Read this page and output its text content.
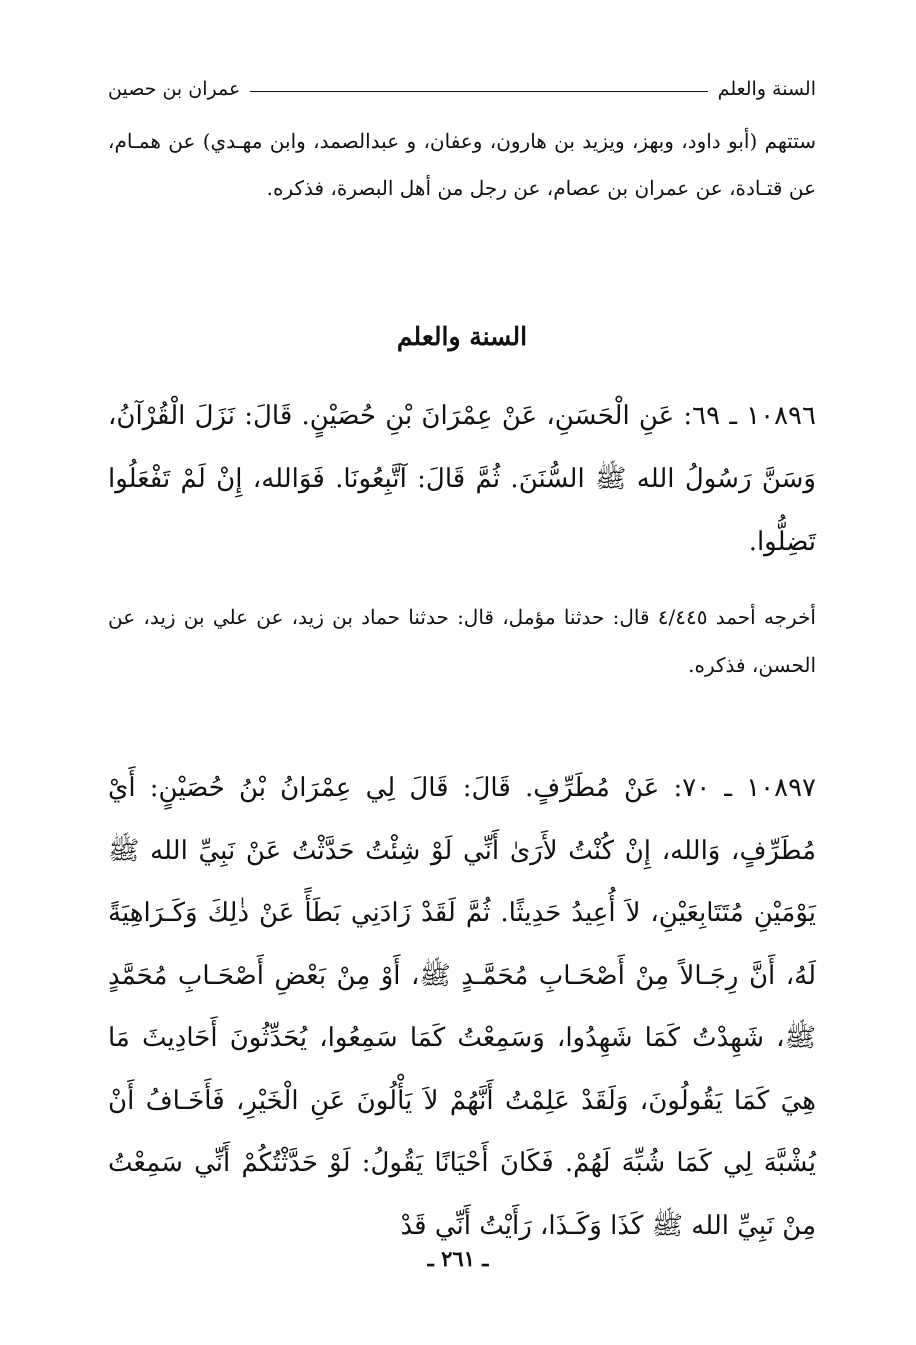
السنة والعلم
عمران بن حصين
ستتهم (أبو داود، وبهز، ويزيد بن هارون، وعفان، و عبدالصمد، وابن مهـدي) عن همـام، عن قتـادة، عن عمران بن عصام، عن رجل من أهل البصرة، فذكره.
السنة والعلم
١٠٨٩٦ ـ ٦٩: عَنِ الْحَسَنِ، عَنْ عِمْرَانَ بْنِ حُصَيْنٍ. قَالَ: نَزَلَ الْقُرْآنُ، وَسَنَّ رَسُولُ الله ﷺ السُّنَنَ. ثُمَّ قَالَ: آتَّبِعُونَا. فَوَالله، إِنْ لَمْ تَفْعَلُوا تَضِلُّوا.
أخرجه أحمد ٤/٤٤٥ قال: حدثنا مؤمل، قال: حدثنا حماد بن زيد، عن علي بن زيد، عن الحسن، فذكره.
١٠٨٩٧ ـ ٧٠: عَنْ مُطَرِّفٍ. قَالَ: قَالَ لِي عِمْرَانُ بْنُ حُصَيْنٍ: أَيْ مُطَرِّفٍ، وَالله، إِنْ كُنْتُ لأَرَىٰ أَنِّي لَوْ شِئْتُ حَدَّثْتُ عَنْ نَبِيِّ الله ﷺ يَوْمَيْنِ مُتَتَابِعَيْنِ، لاَ أُعِيدُ حَدِيثًا. ثُمَّ لَقَدْ زَادَنِي بَطَأً عَنْ ذٰلِكَ وَكَـرَاهِيَةً لَهُ، أَنَّ رِجَـالاً مِنْ أَصْحَـابِ مُحَمَّـدٍ ﷺ، أَوْ مِنْ بَعْضِ أَصْحَـابِ مُحَمَّدٍ ﷺ، شَهِدْتُ كَمَا شَهِدُوا، وَسَمِعْتُ كَمَا سَمِعُوا، يُحَدِّثُونَ أَحَادِيثَ مَا هِيَ كَمَا يَقُولُونَ، وَلَقَدْ عَلِمْتُ أَنَّهُمْ لاَ يَأْلُونَ عَنِ الْخَيْرِ، فَأَخَـافُ أَنْ يُشْبَّهَ لِي كَمَا شُبِّهَ لَهُمْ. فَكَانَ أَحْيَانًا يَقُولُ: لَوْ حَدَّثْتُكُمْ أَنِّي سَمِعْتُ مِنْ نَبِيِّ الله ﷺ كَذَا وَكَـذَا، رَأَيْتُ أَنِّي قَدْ
ـ ٢٦١ ـ
